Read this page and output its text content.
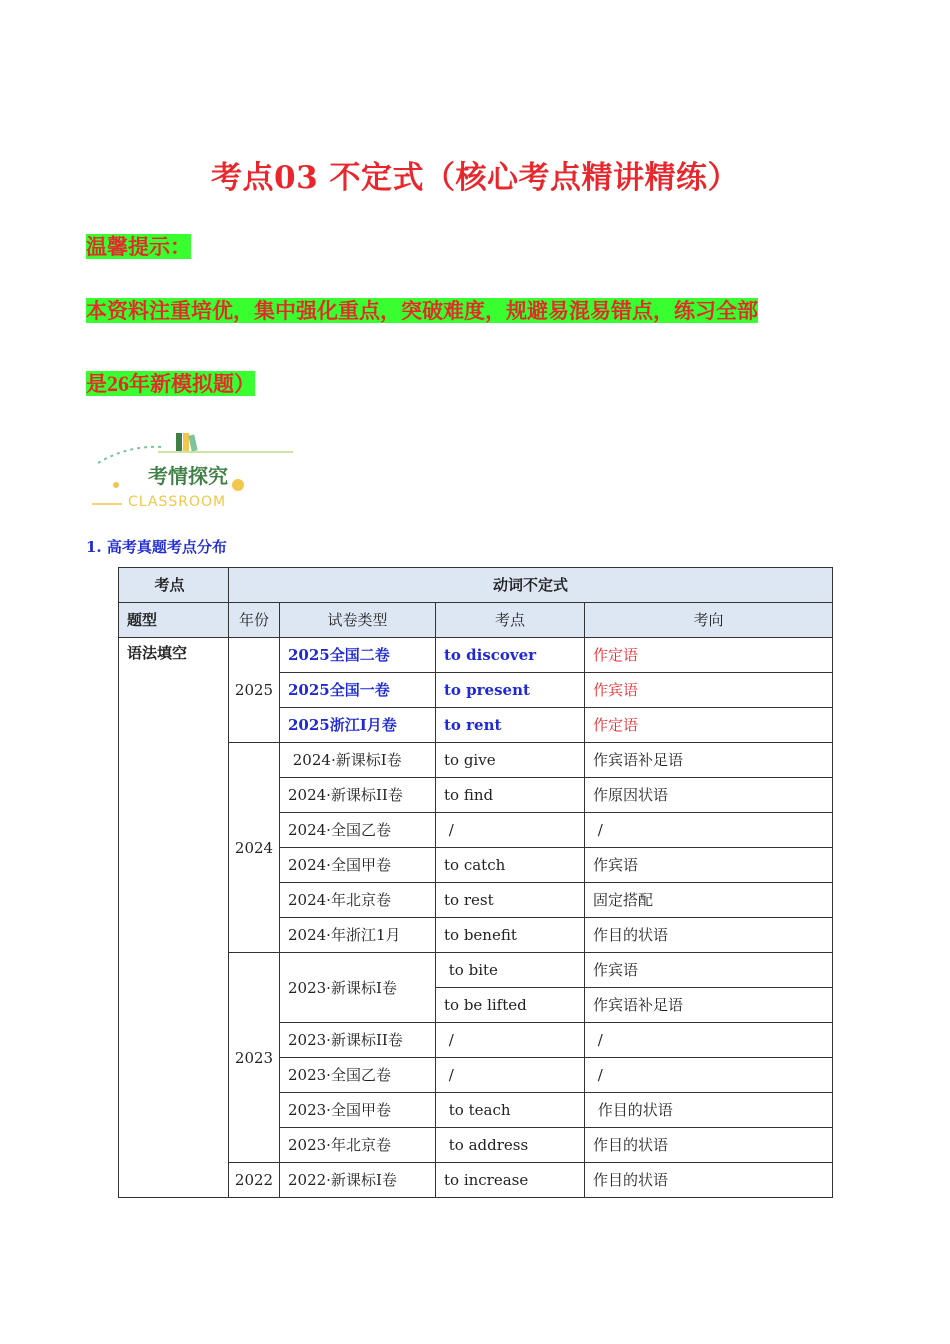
考点03 不定式（核心考点精讲精练）
温馨提示：
本资料注重培优，集中强化重点，突破难度，规避易混易错点，练习全部
是26年新模拟题）
考情探究
CLASSROOM
1. 高考真题考点分布
考点	动词不定式			
题型	年份	试卷类型	考点	考向
语法填空	2025	2025全国二卷	to discover	作定语
		2025全国一卷	to present	作宾语
		2025浙江I月卷	to rent	作定语
	2024	2024·新课标I卷	to give	作宾语补足语
		2024·新课标II卷	to find	作原因状语
		2024·全国乙卷	/	/
		2024·全国甲卷	to catch	作宾语
		2024·年北京卷	to rest	固定搭配
		2024·年浙江1月	to benefit	作目的状语
	2023	2023·新课标I卷	to bite	作宾语
			to be lifted	作宾语补足语
		2023·新课标II卷	/	/
		2023·全国乙卷	/	/
		2023·全国甲卷	to teach	作目的状语
		2023·年北京卷	to address	作目的状语
	2022	2022·新课标I卷	to increase	作目的状语
